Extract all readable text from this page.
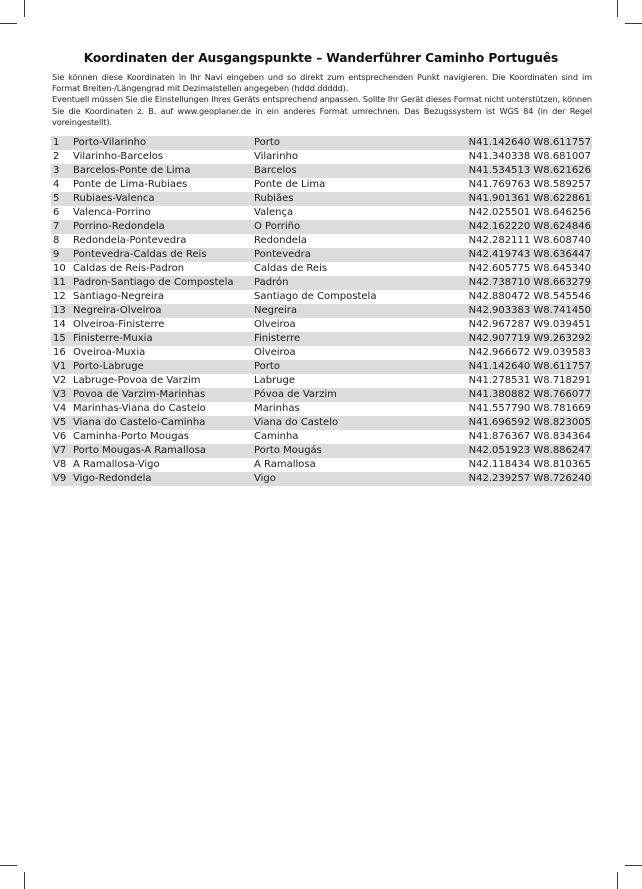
Koordinaten der Ausgangspunkte – Wanderführer Caminho Português

Sie können diese Koordinaten in Ihr Navi eingeben und so direkt zum entsprechenden Punkt navigieren. Die Koordinaten sind im Format Breiten-/Längengrad mit Dezimalstellen angegeben (hddd.ddddd).

Eventuell müssen Sie die Einstellungen Ihres Geräts entsprechend anpassen. Sollte Ihr Gerät dieses Format nicht unterstützen, können Sie die Koordinaten z. B. auf www.geoplaner.de in ein anderes Format umrechnen. Das Bezugssystem ist WGS 84 (in der Regel voreingestellt).

1	Porto-Vilarinho	Porto	N41.142640 W8.611757
2	Vilarinho-Barcelos	Vilarinho	N41.340338 W8.681007
3	Barcelos-Ponte de Lima	Barcelos	N41.534513 W8.621626
4	Ponte de Lima-Rubiaes	Ponte de Lima	N41.769763 W8.589257
5	Rubiaes-Valenca	Rubiães	N41.901361 W8.622861
6	Valenca-Porrino	Valença	N42.025501 W8.646256
7	Porrino-Redondela	O Porriño	N42.162220 W8.624846
8	Redondela-Pontevedra	Redondela	N42.282111 W8.608740
9	Pontevedra-Caldas de Reis	Pontevedra	N42.419743 W8.636447
10	Caldas de Reis-Padron	Caldas de Reis	N42.605775 W8.645340
11	Padron-Santiago de Compostela	Padrón	N42.738710 W8.663279
12	Santiago-Negreira	Santiago de Compostela	N42.880472 W8.545546
13	Negreira-Olveiroa	Negreira	N42.903383 W8.741450
14	Olveiroa-Finisterre	Olveiroa	N42.967287 W9.039451
15	Finisterre-Muxia	Finisterre	N42.907719 W9.263292
16	Oveiroa-Muxia	Olveiroa	N42.966672 W9.039583
V1	Porto-Labruge	Porto	N41.142640 W8.611757
V2	Labruge-Povoa de Varzim	Labruge	N41.278531 W8.718291
V3	Povoa de Varzim-Marinhas	Póvoa de Varzim	N41.380882 W8.766077
V4	Marinhas-Viana do Castelo	Marinhas	N41.557790 W8.781669
V5	Viana do Castelo-Caminha	Viana do Castelo	N41.696592 W8.823005
V6	Caminha-Porto Mougas	Caminha	N41.876367 W8.834364
V7	Porto Mougas-A Ramallosa	Porto Mougás	N42.051923 W8.886247
V8	A Ramallosa-Vigo	A Ramallosa	N42.118434 W8.810365
V9	Vigo-Redondela	Vigo	N42.239257 W8.726240
